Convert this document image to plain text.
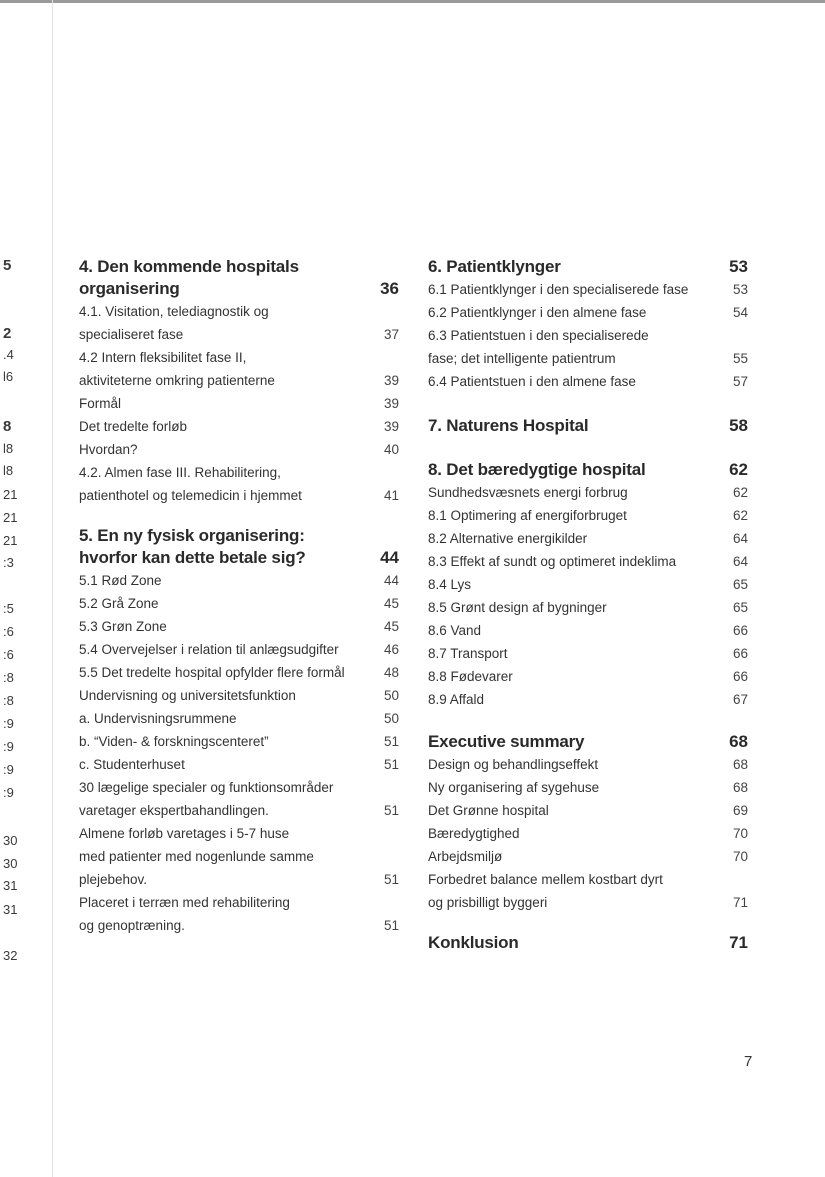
5
2
.4
l6
8
l8
l8
21
21
21
:3
:5
:6
:6
:8
:8
:9
:9
:9
:9
30
30
31
31
32
4. Den kommende hospitals
organisering	36
4.1. Visitation, telediagnostik og
specialiseret fase	37
4.2 Intern fleksibilitet fase II,
aktiviteterne omkring patienterne	39
Formål	39
Det tredelte forløb	39
Hvordan?	40
4.2. Almen fase III. Rehabilitering,
patienthotel og telemedicin i hjemmet	41
5. En ny fysisk organisering:
hvorfor kan dette betale sig?	44
5.1 Rød Zone	44
5.2 Grå Zone	45
5.3 Grøn Zone	45
5.4 Overvejelser i relation til anlægsudgifter	46
5.5 Det tredelte hospital opfylder flere formål	48
Undervisning og universitetsfunktion	50
a. Undervisningsrummene	50
b. “Viden- & forskningscenteret”	51
c. Studenterhuset	51
30 lægelige specialer og funktionsområder
varetager ekspertbahandlingen.	51
Almene forløb varetages i 5-7 huse
med patienter med nogenlunde samme
plejebehov.	51
Placeret i terræn med rehabilitering
og genoptræning.	51
6. Patientklynger	53
6.1 Patientklynger i den specialiserede fase	53
6.2 Patientklynger i den almene fase	54
6.3 Patientstuen i den specialiserede
fase; det intelligente patientrum	55
6.4 Patientstuen i den almene fase	57
7. Naturens Hospital	58
8. Det bæredygtige hospital	62
Sundhedsvæsnets energi forbrug	62
8.1 Optimering af energiforbruget	62
8.2 Alternative energikilder	64
8.3 Effekt af sundt og optimeret indeklima	64
8.4 Lys	65
8.5 Grønt design af bygninger	65
8.6 Vand	66
8.7 Transport	66
8.8 Fødevarer	66
8.9 Affald	67
Executive summary	68
Design og behandlingseffekt	68
Ny organisering af sygehuse	68
Det Grønne hospital	69
Bæredygtighed	70
Arbejdsmiljø	70
Forbedret balance mellem kostbart dyrt
og prisbilligt byggeri	71
Konklusion	71
7
